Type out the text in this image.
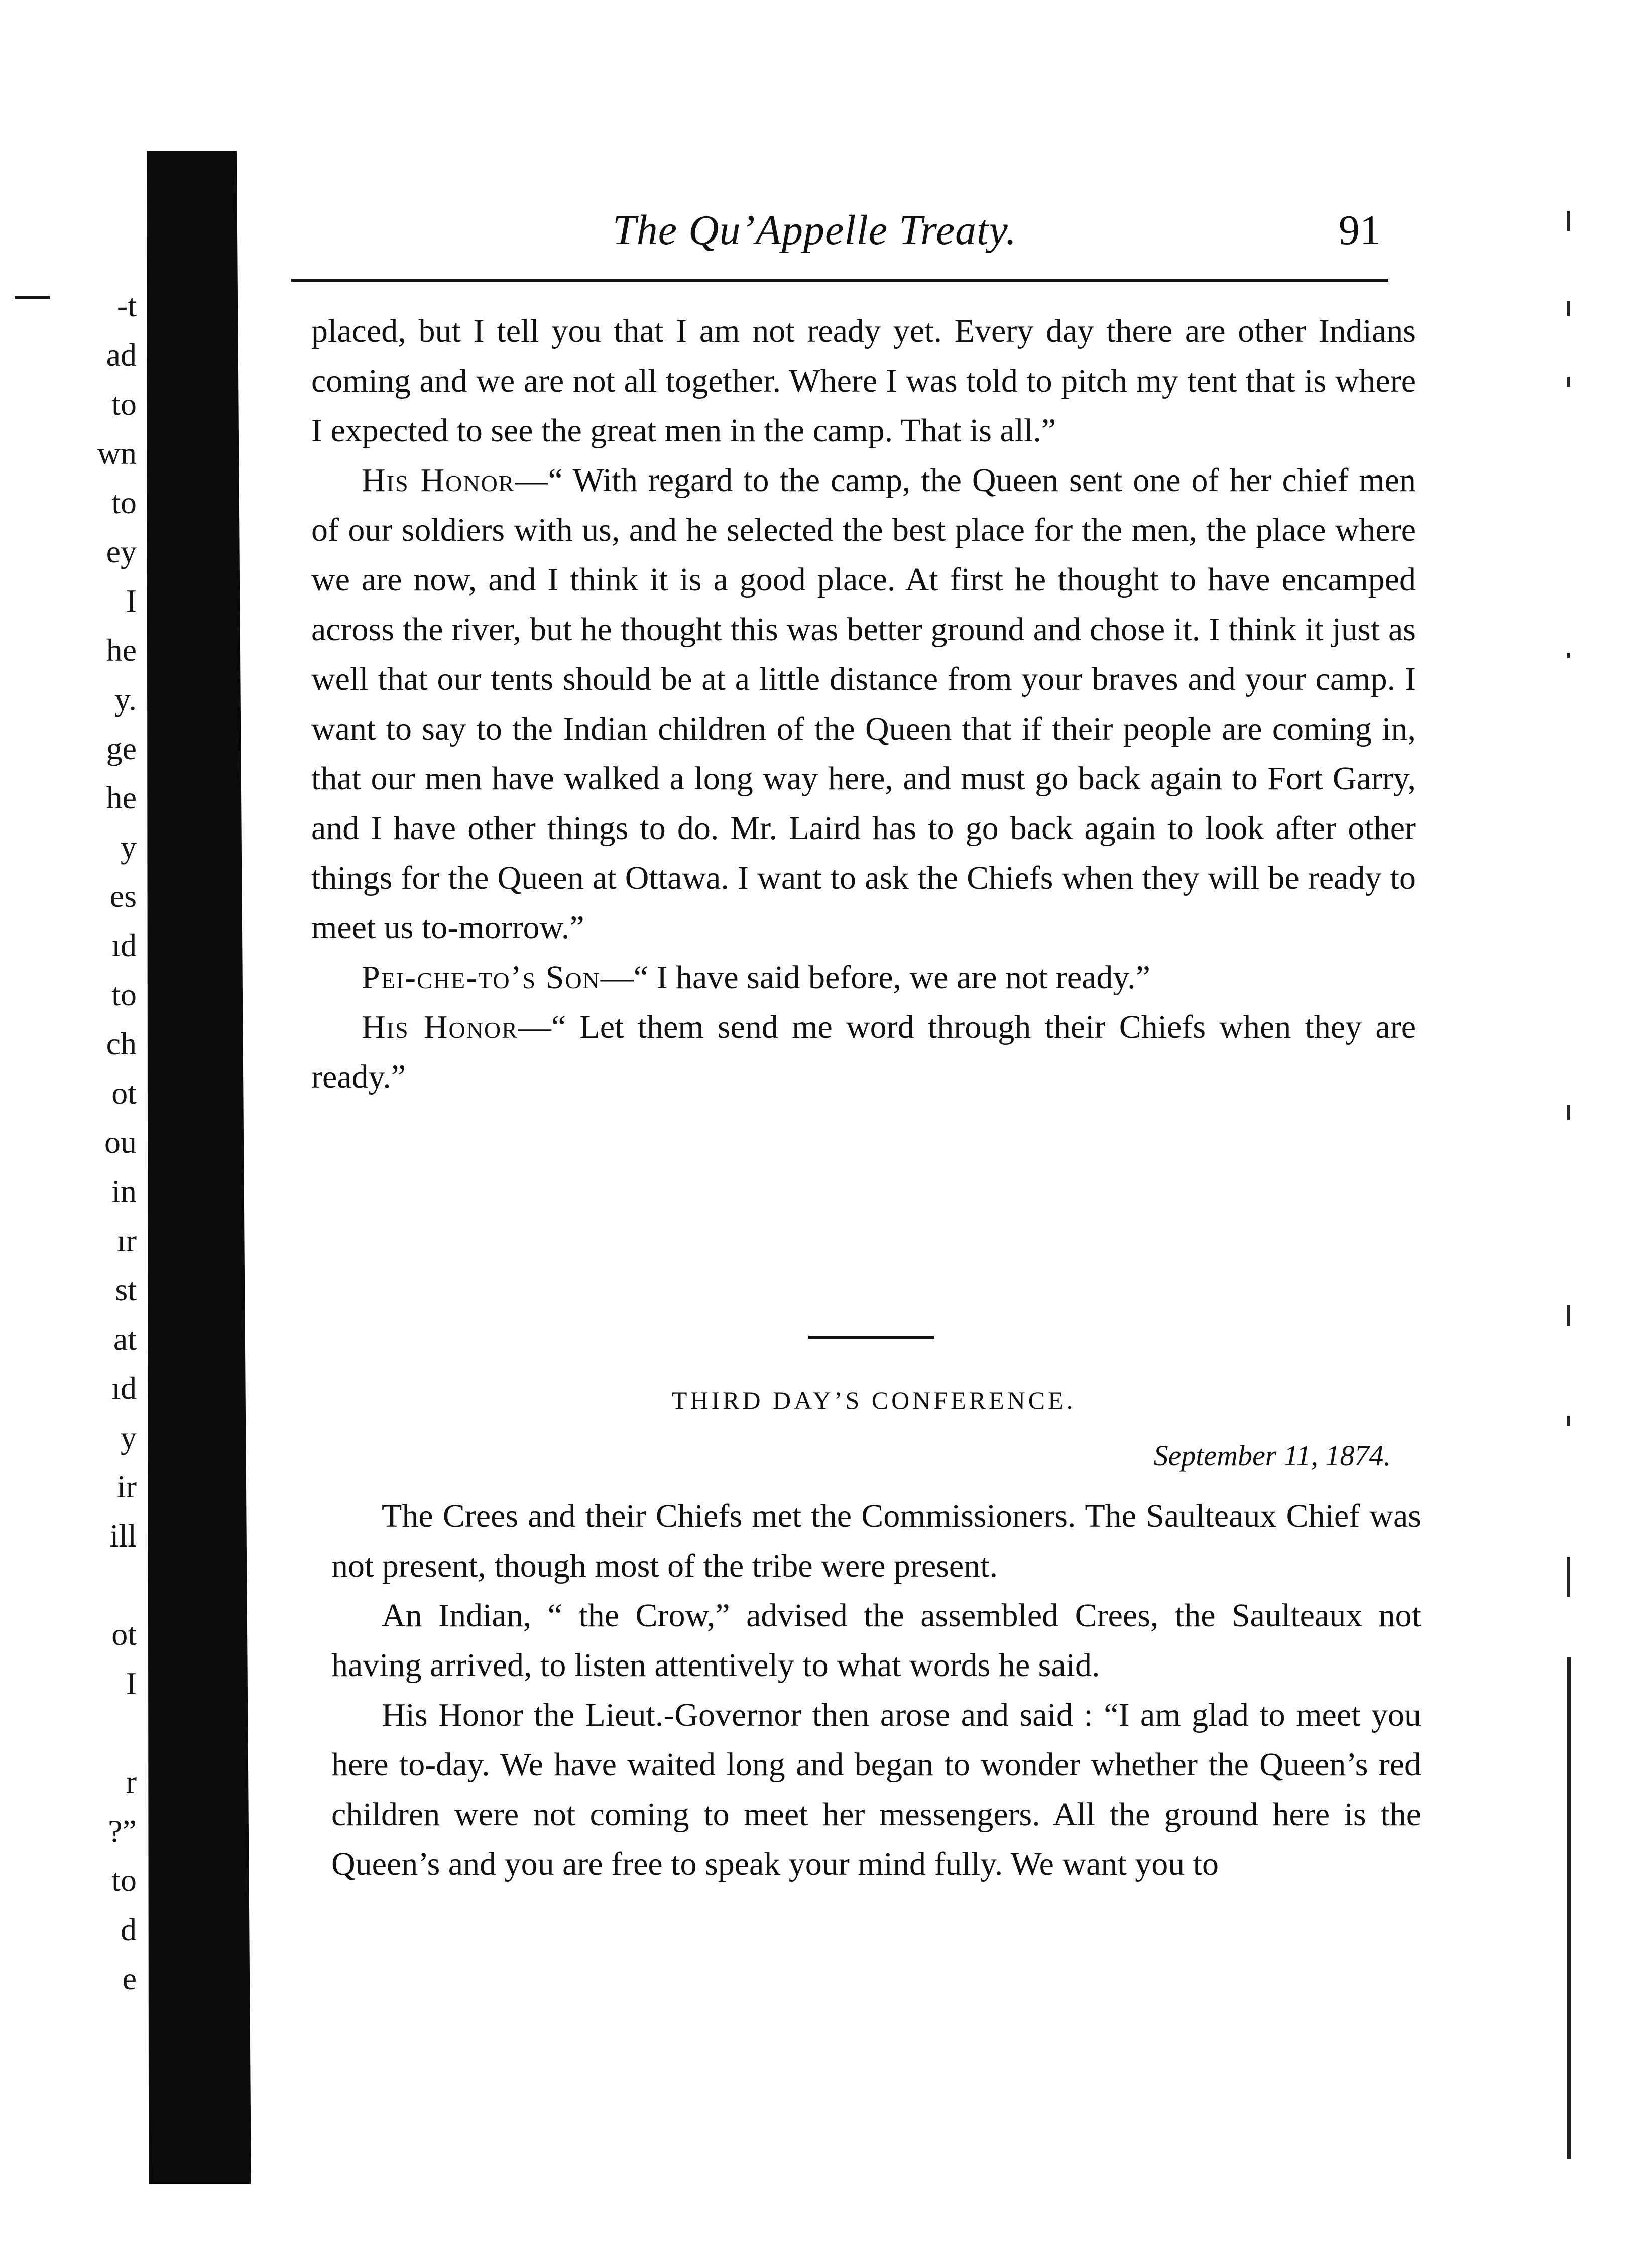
-t
ad
to
wn
to
ey
I
he
y.
ge
he
y
es
ıd
to
ch
ot
ou
in
ır
st
at
ıd
y
ir
ill
ot
I
r
?”
to
d
e
The Qu’Appelle Treaty.	91

placed, but I tell you that I am not ready yet. Every day there are other Indians coming and we are not all together. Where I was told to pitch my tent that is where I expected to see the great men in the camp. That is all.”

His Honor—“ With regard to the camp, the Queen sent one of her chief men of our soldiers with us, and he selected the best place for the men, the place where we are now, and I think it is a good place. At first he thought to have encamped across the river, but he thought this was better ground and chose it. I think it just as well that our tents should be at a little distance from your braves and your camp. I want to say to the Indian children of the Queen that if their people are coming in, that our men have walked a long way here, and must go back again to Fort Garry, and I have other things to do. Mr. Laird has to go back again to look after other things for the Queen at Ottawa. I want to ask the Chiefs when they will be ready to meet us to-morrow.”

Pei-che-to’s Son—“ I have said before, we are not ready.”

His Honor—“ Let them send me word through their Chiefs when they are ready.”

THIRD DAY’S CONFERENCE.
September 11, 1874.

The Crees and their Chiefs met the Commissioners. The Saulteaux Chief was not present, though most of the tribe were present.

An Indian, “ the Crow,” advised the assembled Crees, the Saulteaux not having arrived, to listen attentively to what words he said.

His Honor the Lieut.-Governor then arose and said : “I am glad to meet you here to-day. We have waited long and began to wonder whether the Queen’s red children were not coming to meet her messengers. All the ground here is the Queen’s and you are free to speak your mind fully. We want you to
